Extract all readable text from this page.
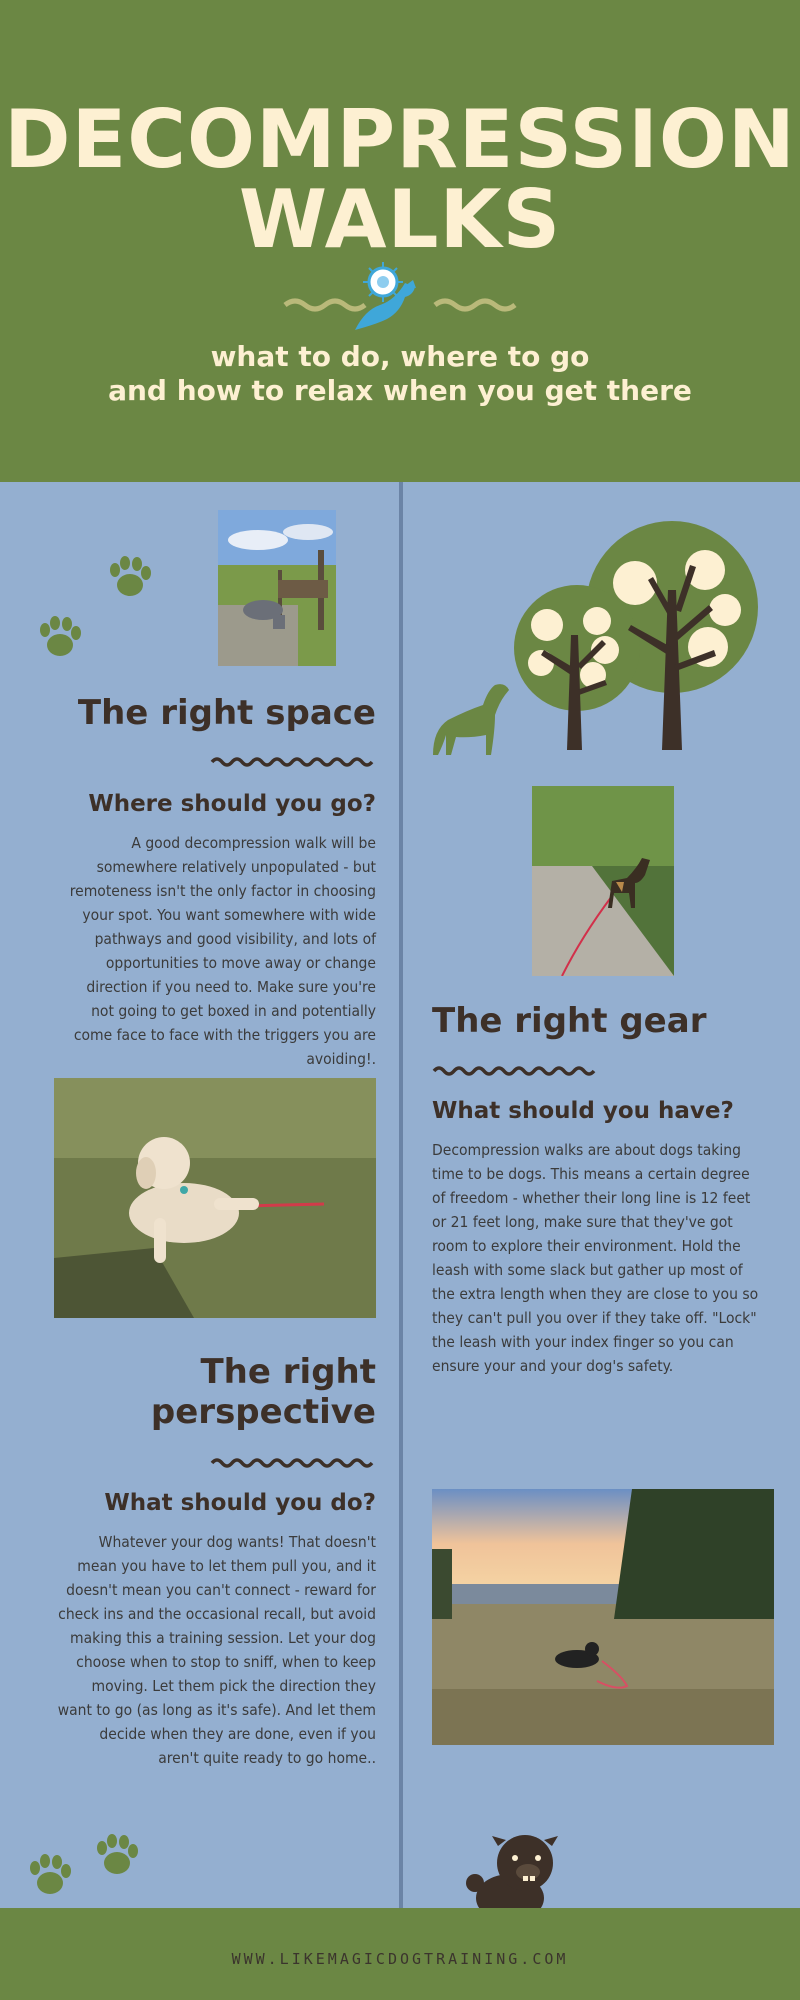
DECOMPRESSION
WALKS
what to do, where to go
and how to relax when you get there
The right space
Where should you go?
A good decompression walk will be somewhere relatively unpopulated - but remoteness isn't the only factor in choosing your spot. You want somewhere with wide pathways and good visibility, and lots of opportunities to move away or change direction if you need to. Make sure you're not going to get boxed in and potentially come face to face with the triggers you are avoiding!.
The right gear
What should you have?
Decompression walks are about dogs taking time to be dogs. This means a certain degree of freedom - whether their long line is 12 feet or 21 feet long, make sure that they've got room to explore their environment. Hold the leash with some slack but gather up most of the extra length when they are close to you so they can't pull you over if they take off. "Lock" the leash with your index finger so you can ensure your and your dog's safety.
The right
perspective
What should you do?
Whatever your dog wants! That doesn't mean you have to let them pull you, and it doesn't mean you can't connect - reward for check ins and the occasional recall, but avoid making this a training session. Let your dog choose when to stop to sniff, when to keep moving. Let them pick the direction they want to go (as long as it's safe). And let them decide when they are done, even if you aren't quite ready to go home..
WWW.LIKEMAGICDOGTRAINING.COM
